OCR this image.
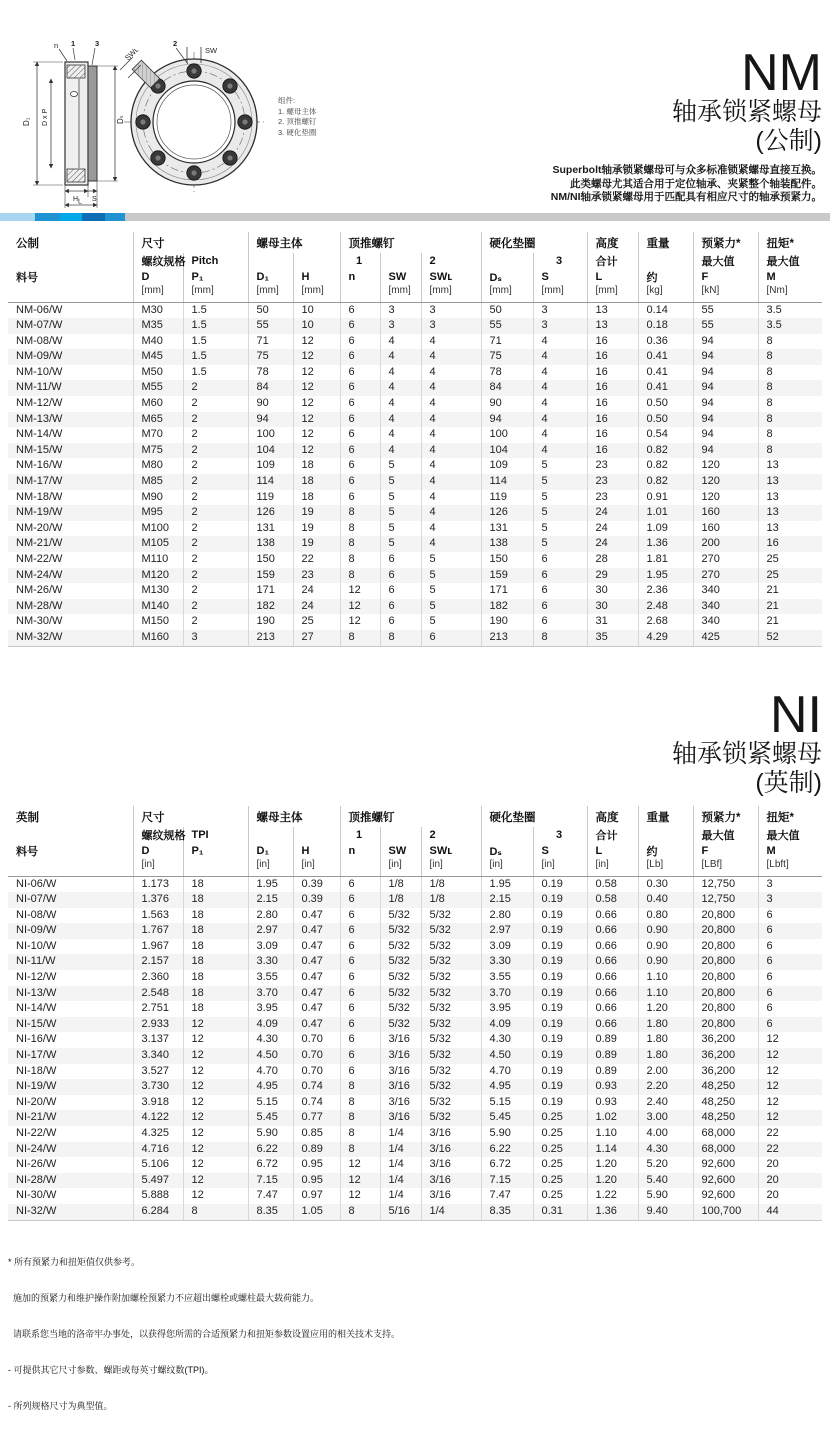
D₁ D x P	Dₛ
H S
L
n 1	3
SWʟ
2
SW
组件:
1. 螺母主体
2. 顶推螺钉
3. 硬化垫圈
NM
轴承锁紧螺母
(公制)
Superbolt轴承锁紧螺母可与众多标准锁紧螺母直接互换。
此类螺母尤其适合用于定位轴承、夹紧整个轴装配件。
NM/NI轴承锁紧螺母用于匹配具有相应尺寸的轴承预紧力。
公制	尺寸		螺母主体		顶推螺钉			硬化垫圈		高度	重量	预紧力*	扭矩*
	螺纹规格	Pitch			1		2		3	合计		最大值	最大值
料号	D	P₁	D₁	H	n	SW	SWʟ	Dₛ	S	L	约	F	M
	[mm]	[mm]	[mm]	[mm]		[mm]	[mm]	[mm]	[mm]	[mm]	[kg]	[kN]	[Nm]
NM-06/W	M30	1.5	50	10	6	3	3	50	3	13	0.14	55	3.5
NM-07/W	M35	1.5	55	10	6	3	3	55	3	13	0.18	55	3.5
NM-08/W	M40	1.5	71	12	6	4	4	71	4	16	0.36	94	8
NM-09/W	M45	1.5	75	12	6	4	4	75	4	16	0.41	94	8
NM-10/W	M50	1.5	78	12	6	4	4	78	4	16	0.41	94	8
NM-11/W	M55	2	84	12	6	4	4	84	4	16	0.41	94	8
NM-12/W	M60	2	90	12	6	4	4	90	4	16	0.50	94	8
NM-13/W	M65	2	94	12	6	4	4	94	4	16	0.50	94	8
NM-14/W	M70	2	100	12	6	4	4	100	4	16	0.54	94	8
NM-15/W	M75	2	104	12	6	4	4	104	4	16	0.82	94	8
NM-16/W	M80	2	109	18	6	5	4	109	5	23	0.82	120	13
NM-17/W	M85	2	114	18	6	5	4	114	5	23	0.82	120	13
NM-18/W	M90	2	119	18	6	5	4	119	5	23	0.91	120	13
NM-19/W	M95	2	126	19	8	5	4	126	5	24	1.01	160	13
NM-20/W	M100	2	131	19	8	5	4	131	5	24	1.09	160	13
NM-21/W	M105	2	138	19	8	5	4	138	5	24	1.36	200	16
NM-22/W	M110	2	150	22	8	6	5	150	6	28	1.81	270	25
NM-24/W	M120	2	159	23	8	6	5	159	6	29	1.95	270	25
NM-26/W	M130	2	171	24	12	6	5	171	6	30	2.36	340	21
NM-28/W	M140	2	182	24	12	6	5	182	6	30	2.48	340	21
NM-30/W	M150	2	190	25	12	6	5	190	6	31	2.68	340	21
NM-32/W	M160	3	213	27	8	8	6	213	8	35	4.29	425	52
NI
轴承锁紧螺母
(英制)
英制	尺寸		螺母主体		顶推螺钉			硬化垫圈		高度	重量	预紧力*	扭矩*
	螺纹规格	TPI			1		2		3	合计		最大值	最大值
料号	D	P₁	D₁	H	n	SW	SWʟ	Dₛ	S	L	约	F	M
	[in]		[in]	[in]		[in]	[in]	[in]	[in]	[in]	[Lb]	[LBf]	[Lbft]
NI-06/W	1.173	18	1.95	0.39	6	1/8	1/8	1.95	0.19	0.58	0.30	12,750	3
NI-07/W	1.376	18	2.15	0.39	6	1/8	1/8	2.15	0.19	0.58	0.40	12,750	3
NI-08/W	1.563	18	2.80	0.47	6	5/32	5/32	2.80	0.19	0.66	0.80	20,800	6
NI-09/W	1.767	18	2.97	0.47	6	5/32	5/32	2.97	0.19	0.66	0.90	20,800	6
NI-10/W	1.967	18	3.09	0.47	6	5/32	5/32	3.09	0.19	0.66	0.90	20,800	6
NI-11/W	2.157	18	3.30	0.47	6	5/32	5/32	3.30	0.19	0.66	0.90	20,800	6
NI-12/W	2.360	18	3.55	0.47	6	5/32	5/32	3.55	0.19	0.66	1.10	20,800	6
NI-13/W	2.548	18	3.70	0.47	6	5/32	5/32	3.70	0.19	0.66	1.10	20,800	6
NI-14/W	2.751	18	3.95	0.47	6	5/32	5/32	3.95	0.19	0.66	1.20	20,800	6
NI-15/W	2.933	12	4.09	0.47	6	5/32	5/32	4.09	0.19	0.66	1.80	20,800	6
NI-16/W	3.137	12	4.30	0.70	6	3/16	5/32	4.30	0.19	0.89	1.80	36,200	12
NI-17/W	3.340	12	4.50	0.70	6	3/16	5/32	4.50	0.19	0.89	1.80	36,200	12
NI-18/W	3.527	12	4.70	0.70	6	3/16	5/32	4.70	0.19	0.89	2.00	36,200	12
NI-19/W	3.730	12	4.95	0.74	8	3/16	5/32	4.95	0.19	0.93	2.20	48,250	12
NI-20/W	3.918	12	5.15	0.74	8	3/16	5/32	5.15	0.19	0.93	2.40	48,250	12
NI-21/W	4.122	12	5.45	0.77	8	3/16	5/32	5.45	0.25	1.02	3.00	48,250	12
NI-22/W	4.325	12	5.90	0.85	8	1/4	3/16	5.90	0.25	1.10	4.00	68,000	22
NI-24/W	4.716	12	6.22	0.89	8	1/4	3/16	6.22	0.25	1.14	4.30	68,000	22
NI-26/W	5.106	12	6.72	0.95	12	1/4	3/16	6.72	0.25	1.20	5.20	92,600	20
NI-28/W	5.497	12	7.15	0.95	12	1/4	3/16	7.15	0.25	1.20	5.40	92,600	20
NI-30/W	5.888	12	7.47	0.97	12	1/4	3/16	7.47	0.25	1.22	5.90	92,600	20
NI-32/W	6.284	8	8.35	1.05	8	5/16	1/4	8.35	0.31	1.36	9.40	100,700	44

* 所有预紧力和扭矩值仅供参考。

施加的预紧力和维护操作附加螺栓预紧力不应超出螺栓或螺柱最大载荷能力。

请联系您当地的洛帝牢办事处，以获得您所需的合适预紧力和扭矩参数设置应用的相关技术支持。

- 可提供其它尺寸参数、螺距或每英寸螺纹数(TPI)。

- 所列规格尺寸为典型值。
